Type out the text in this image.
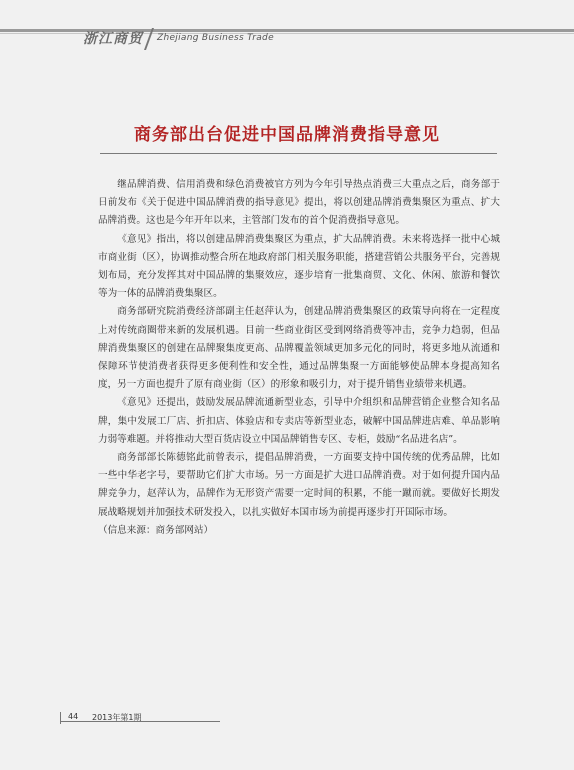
浙江商贸	Zhejiang Business Trade
商务部出台促进中国品牌消费指导意见

继品牌消费、信用消费和绿色消费被官方列为今年引导热点消费三大重点之后，商务部于日前发布《关于促进中国品牌消费的指导意见》提出，将以创建品牌消费集聚区为重点、扩大品牌消费。这也是今年开年以来，主管部门发布的首个促消费指导意见。

《意见》指出，将以创建品牌消费集聚区为重点，扩大品牌消费。未来将选择一批中心城市商业街（区），协调推动整合所在地政府部门相关服务职能，搭建营销公共服务平台，完善规划布局，充分发挥其对中国品牌的集聚效应，逐步培育一批集商贸、文化、休闲、旅游和餐饮等为一体的品牌消费集聚区。

商务部研究院消费经济部副主任赵萍认为，创建品牌消费集聚区的政策导向将在一定程度上对传统商圈带来新的发展机遇。目前一些商业街区受到网络消费等冲击，竞争力趋弱，但品牌消费集聚区的创建在品牌聚集度更高、品牌覆盖领域更加多元化的同时，将更多地从流通和保障环节使消费者获得更多便利性和安全性，通过品牌集聚一方面能够使品牌本身提高知名度，另一方面也提升了原有商业街（区）的形象和吸引力，对于提升销售业绩带来机遇。

《意见》还提出，鼓励发展品牌流通新型业态，引导中介组织和品牌营销企业整合知名品牌，集中发展工厂店、折扣店、体验店和专卖店等新型业态，破解中国品牌进店难、单品影响力弱等难题。并将推动大型百货店设立中国品牌销售专区、专柜，鼓励“名品进名店”。

商务部部长陈德铭此前曾表示，提倡品牌消费，一方面要支持中国传统的优秀品牌，比如一些中华老字号，要帮助它们扩大市场。另一方面是扩大进口品牌消费。对于如何提升国内品牌竞争力，赵萍认为，品牌作为无形资产需要一定时间的积累，不能一蹴而就。要做好长期发展战略规划并加强技术研发投入，以扎实做好本国市场为前提再逐步打开国际市场。

（信息来源：商务部网站）

44 2013年第1期
